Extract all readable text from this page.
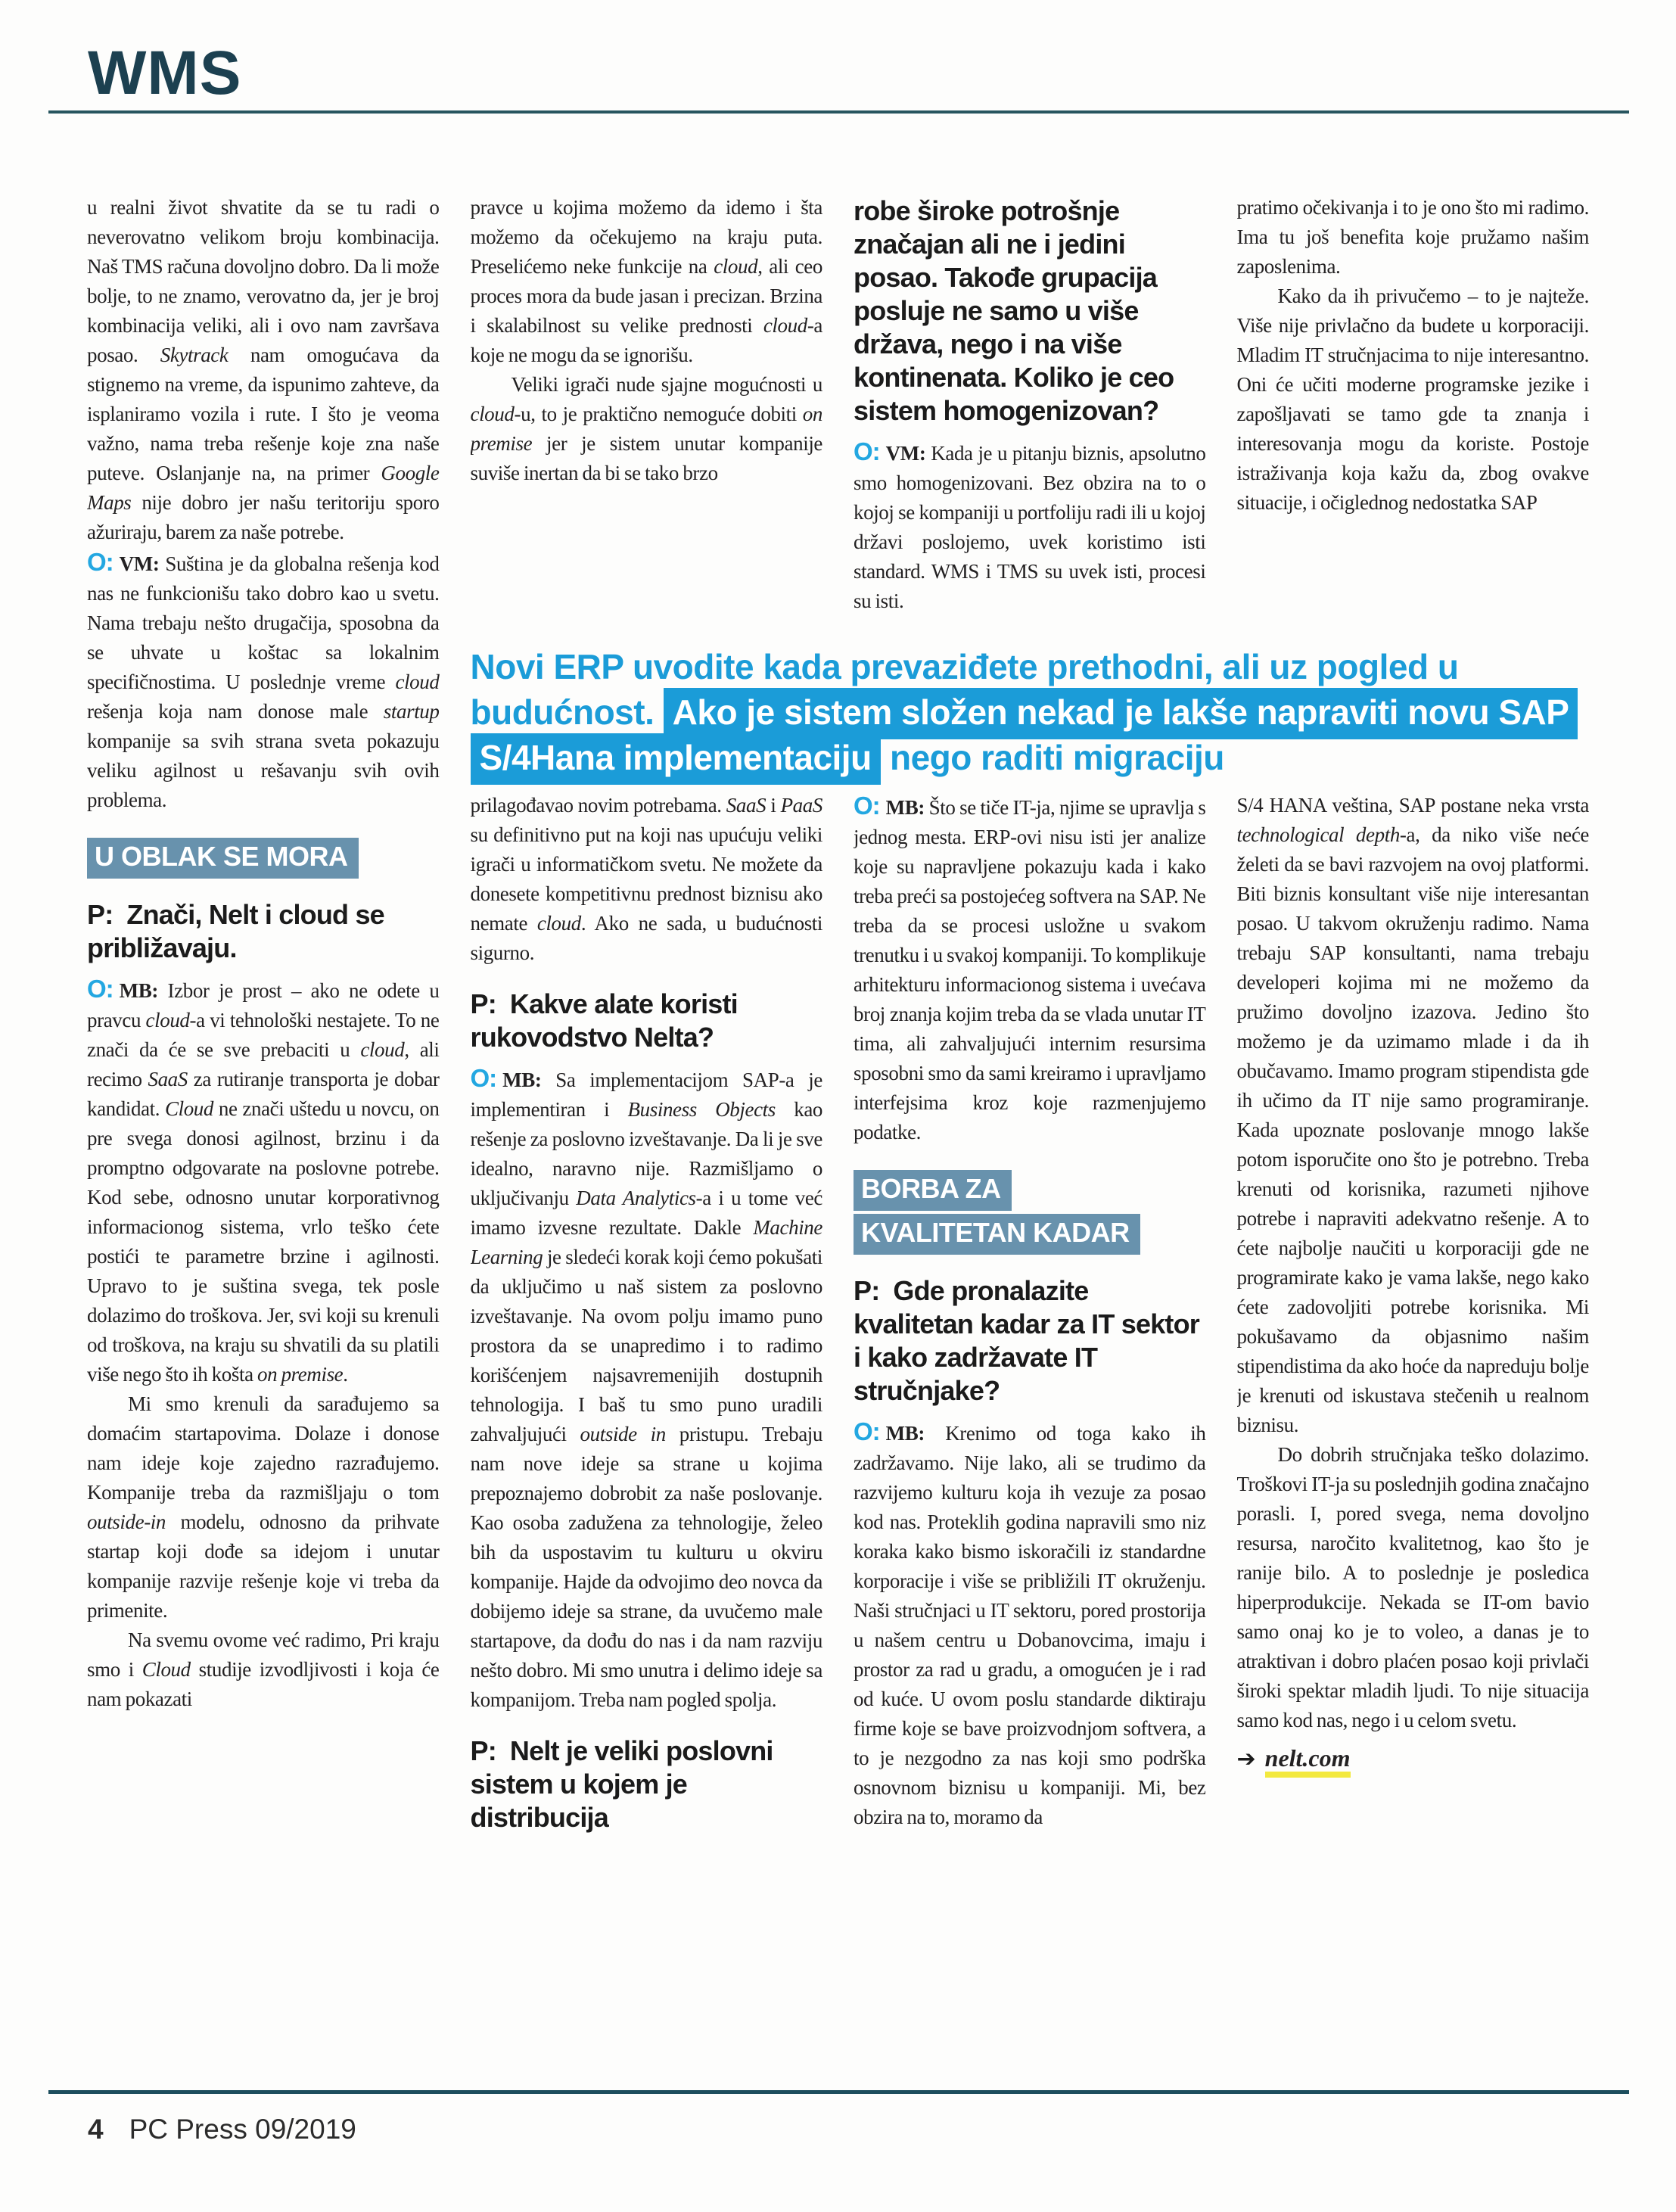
WMS

u realni život shvatite da se tu radi o neverovatno velikom broju kombinacija. Naš TMS računa dovoljno dobro. Da li može bolje, to ne znamo, verovatno da, jer je broj kombinacija veliki, ali i ovo nam završava posao. Skytrack nam omogućava da stignemo na vreme, da ispunimo zahteve, da isplaniramo vozila i rute. I što je veoma važno, nama treba rešenje koje zna naše puteve. Oslanjanje na, na primer Google Maps nije dobro jer našu teritoriju sporo ažuriraju, barem za naše potrebe.

O: VM: Suština je da globalna rešenja kod nas ne funkcionišu tako dobro kao u svetu. Nama trebaju nešto drugačija, sposobna da se uhvate u koštac sa lokalnim specifičnostima. U poslednje vreme cloud rešenja koja nam donose male startup kompanije sa svih strana sveta pokazuju veliku agilnost u rešavanju svih ovih problema.

U OBLAK SE MORA

P: Znači, Nelt i cloud se približavaju.

O: MB: Izbor je prost – ako ne odete u pravcu cloud-a vi tehnološki nestajete. To ne znači da će se sve prebaciti u cloud, ali recimo SaaS za rutiranje transporta je dobar kandidat. Cloud ne znači uštedu u novcu, on pre svega donosi agilnost, brzinu i da promptno odgovarate na poslovne potrebe. Kod sebe, odnosno unutar korporativnog informacionog sistema, vrlo teško ćete postići te parametre brzine i agilnosti. Upravo to je suština svega, tek posle dolazimo do troškova. Jer, svi koji su krenuli od troškova, na kraju su shvatili da su platili više nego što ih košta on premise.

Mi smo krenuli da sarađujemo sa domaćim startapovima. Dolaze i donose nam ideje koje zajedno razrađujemo. Kompanije treba da razmišljaju o tom outside-in modelu, odnosno da prihvate startap koji dođe sa idejom i unutar kompanije razvije rešenje koje vi treba da primenite.

Na svemu ovome već radimo, Pri kraju smo i Cloud studije izvodljivosti i koja će nam pokazati

pravce u kojima možemo da idemo i šta možemo da očekujemo na kraju puta. Preselićemo neke funkcije na cloud, ali ceo proces mora da bude jasan i precizan. Brzina i skalabilnost su velike prednosti cloud-a koje ne mogu da se ignorišu.

Veliki igrači nude sjajne mogućnosti u cloud-u, to je praktično nemoguće dobiti on premise jer je sistem unutar kompanije suviše inertan da bi se tako brzo

robe široke potrošnje značajan ali ne i jedini posao. Takođe grupacija posluje ne samo u više država, nego i na više kontinenata. Koliko je ceo sistem homogenizovan?

O: VM: Kada je u pitanju biznis, apsolutno smo homogenizovani. Bez obzira na to o kojoj se kompaniji u portfoliju radi ili u kojoj državi poslojemo, uvek koristimo isti standard. WMS i TMS su uvek isti, procesi su isti.

pratimo očekivanja i to je ono što mi radimo. Ima tu još benefita koje pružamo našim zaposlenima.

Kako da ih privučemo – to je najteže. Više nije privlačno da budete u korporaciji. Mladim IT stručnjacima to nije interesantno. Oni će učiti moderne programske jezike i zapošljavati se tamo gde ta znanja i interesovanja mogu da koriste. Postoje istraživanja koja kažu da, zbog ovakve situacije, i očiglednog nedostatka SAP

Novi ERP uvodite kada prevaziđete prethodni, ali uz pogled u budućnost. Ako je sistem složen nekad je lakše napraviti novu SAP S/4Hana implementaciju nego raditi migraciju

prilagođavao novim potrebama. SaaS i PaaS su definitivno put na koji nas upućuju veliki igrači u informatičkom svetu. Ne možete da donesete kompetitivnu prednost biznisu ako nemate cloud. Ako ne sada, u budućnosti sigurno.

P: Kakve alate koristi rukovodstvo Nelta?

O: MB: Sa implementacijom SAP-a je implementiran i Business Objects kao rešenje za poslovno izveštavanje. Da li je sve idealno, naravno nije. Razmišljamo o uključivanju Data Analytics-a i u tome već imamo izvesne rezultate. Dakle Machine Learning je sledeći korak koji ćemo pokušati da uključimo u naš sistem za poslovno izveštavanje. Na ovom polju imamo puno prostora da se unapredimo i to radimo korišćenjem najsavremenijih dostupnih tehnologija. I baš tu smo puno uradili zahvaljujući outside in pristupu. Trebaju nam nove ideje sa strane u kojima prepoznajemo dobrobit za naše poslovanje. Kao osoba zadužena za tehnologije, želeo bih da uspostavim tu kulturu u okviru kompanije. Hajde da odvojimo deo novca da dobijemo ideje sa strane, da uvučemo male startapove, da dođu do nas i da nam razviju nešto dobro. Mi smo unutra i delimo ideje sa kompanijom. Treba nam pogled spolja.

P: Nelt je veliki poslovni sistem u kojem je distribucija

O: MB: Što se tiče IT-ja, njime se upravlja s jednog mesta. ERP-ovi nisu isti jer analize koje su napravljene pokazuju kada i kako treba preći sa postojećeg softvera na SAP. Ne treba da se procesi usložne u svakom trenutku i u svakoj kompaniji. To komplikuje arhitekturu informacionog sistema i uvećava broj znanja kojim treba da se vlada unutar IT tima, ali zahvaljujući internim resursima sposobni smo da sami kreiramo i upravljamo interfejsima kroz koje razmenjujemo podatke.

BORBA ZA
KVALITETAN KADAR

P: Gde pronalazite kvalitetan kadar za IT sektor i kako zadržavate IT stručnjake?

O: MB: Krenimo od toga kako ih zadržavamo. Nije lako, ali se trudimo da razvijemo kulturu koja ih vezuje za posao kod nas. Proteklih godina napravili smo niz koraka kako bismo iskoračili iz standardne korporacije i više se približili IT okruženju. Naši stručnjaci u IT sektoru, pored prostorija u našem centru u Dobanovcima, imaju i prostor za rad u gradu, a omogućen je i rad od kuće. U ovom poslu standarde diktiraju firme koje se bave proizvodnjom softvera, a to je nezgodno za nas koji smo podrška osnovnom biznisu u kompaniji. Mi, bez obzira na to, moramo da

S/4 HANA veština, SAP postane neka vrsta technological depth-a, da niko više neće želeti da se bavi razvojem na ovoj platformi. Biti biznis konsultant više nije interesantan posao. U takvom okruženju radimo. Nama trebaju SAP konsultanti, nama trebaju developeri kojima mi ne možemo da pružimo dovoljno izazova. Jedino što možemo je da uzimamo mlade i da ih obučavamo. Imamo program stipendista gde ih učimo da IT nije samo programiranje. Kada upoznate poslovanje mnogo lakše potom isporučite ono što je potrebno. Treba krenuti od korisnika, razumeti njihove potrebe i napraviti adekvatno rešenje. A to ćete najbolje naučiti u korporaciji gde ne programirate kako je vama lakše, nego kako ćete zadovoljiti potrebe korisnika. Mi pokušavamo da objasnimo našim stipendistima da ako hoće da napreduju bolje je krenuti od iskustava stečenih u realnom biznisu.

Do dobrih stručnjaka teško dolazimo. Troškovi IT-ja su poslednjih godina značajno porasli. I, pored svega, nema dovoljno resursa, naročito kvalitetnog, kao što je ranije bilo. A to poslednje je posledica hiperprodukcije. Nekada se IT-om bavio samo onaj ko je to voleo, a danas je to atraktivan i dobro plaćen posao koji privlači široki spektar mladih ljudi. To nije situacija samo kod nas, nego i u celom svetu.

➔ nelt.com

4 PC Press 09/2019
